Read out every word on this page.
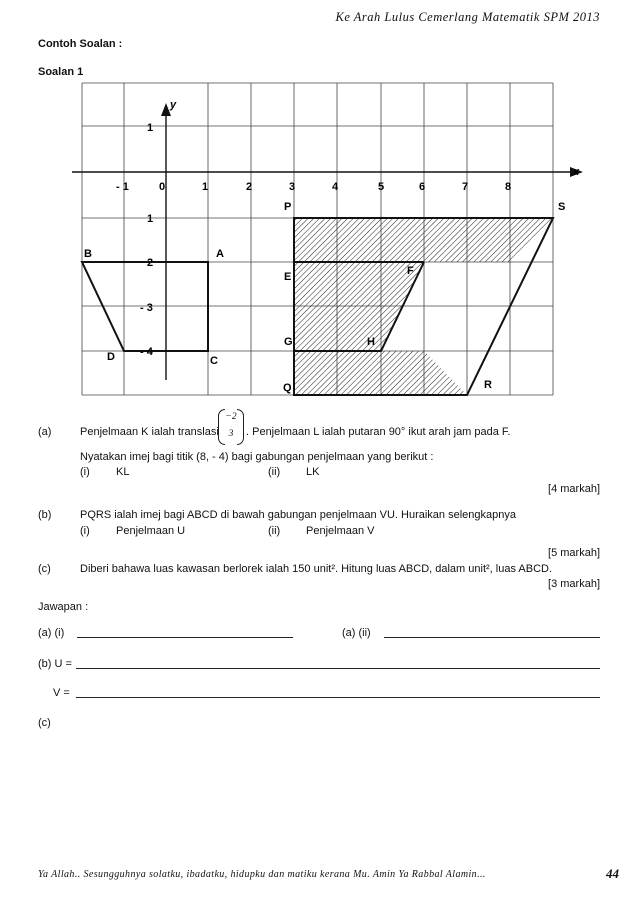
Ke Arah Lulus Cemerlang Matematik SPM 2013
Contoh Soalan :
Soalan 1
y
x
- 1	0	1	2	3	4	5	6	7	8
1
1
2
- 3
- 4
B	A
D	C
P	S
E	F
G	H
Q	R
(a)	Penjelmaan K ialah translasi
−2
3	. Penjelmaan L ialah putaran 90° ikut arah jam pada F.
Nyatakan imej bagi titik (8, - 4) bagi gabungan penjelmaan yang berikut :
(i) KL	(ii) LK
[4 markah]
(b)	PQRS ialah imej bagi ABCD di bawah gabungan penjelmaan VU. Huraikan selengkapnya
(i) Penjelmaan U	(ii) Penjelmaan V
[5 markah]
(c)	Diberi bahawa luas kawasan berlorek ialah 150 unit². Hitung luas ABCD, dalam unit², luas ABCD.
[3 markah]
Jawapan :
(a) (i)	(a) (ii)
(b) U =
V =
(c)
Ya Allah.. Sesungguhnya solatku, ibadatku, hidupku dan matiku kerana Mu. Amin Ya Rabbal Alamin...	44
